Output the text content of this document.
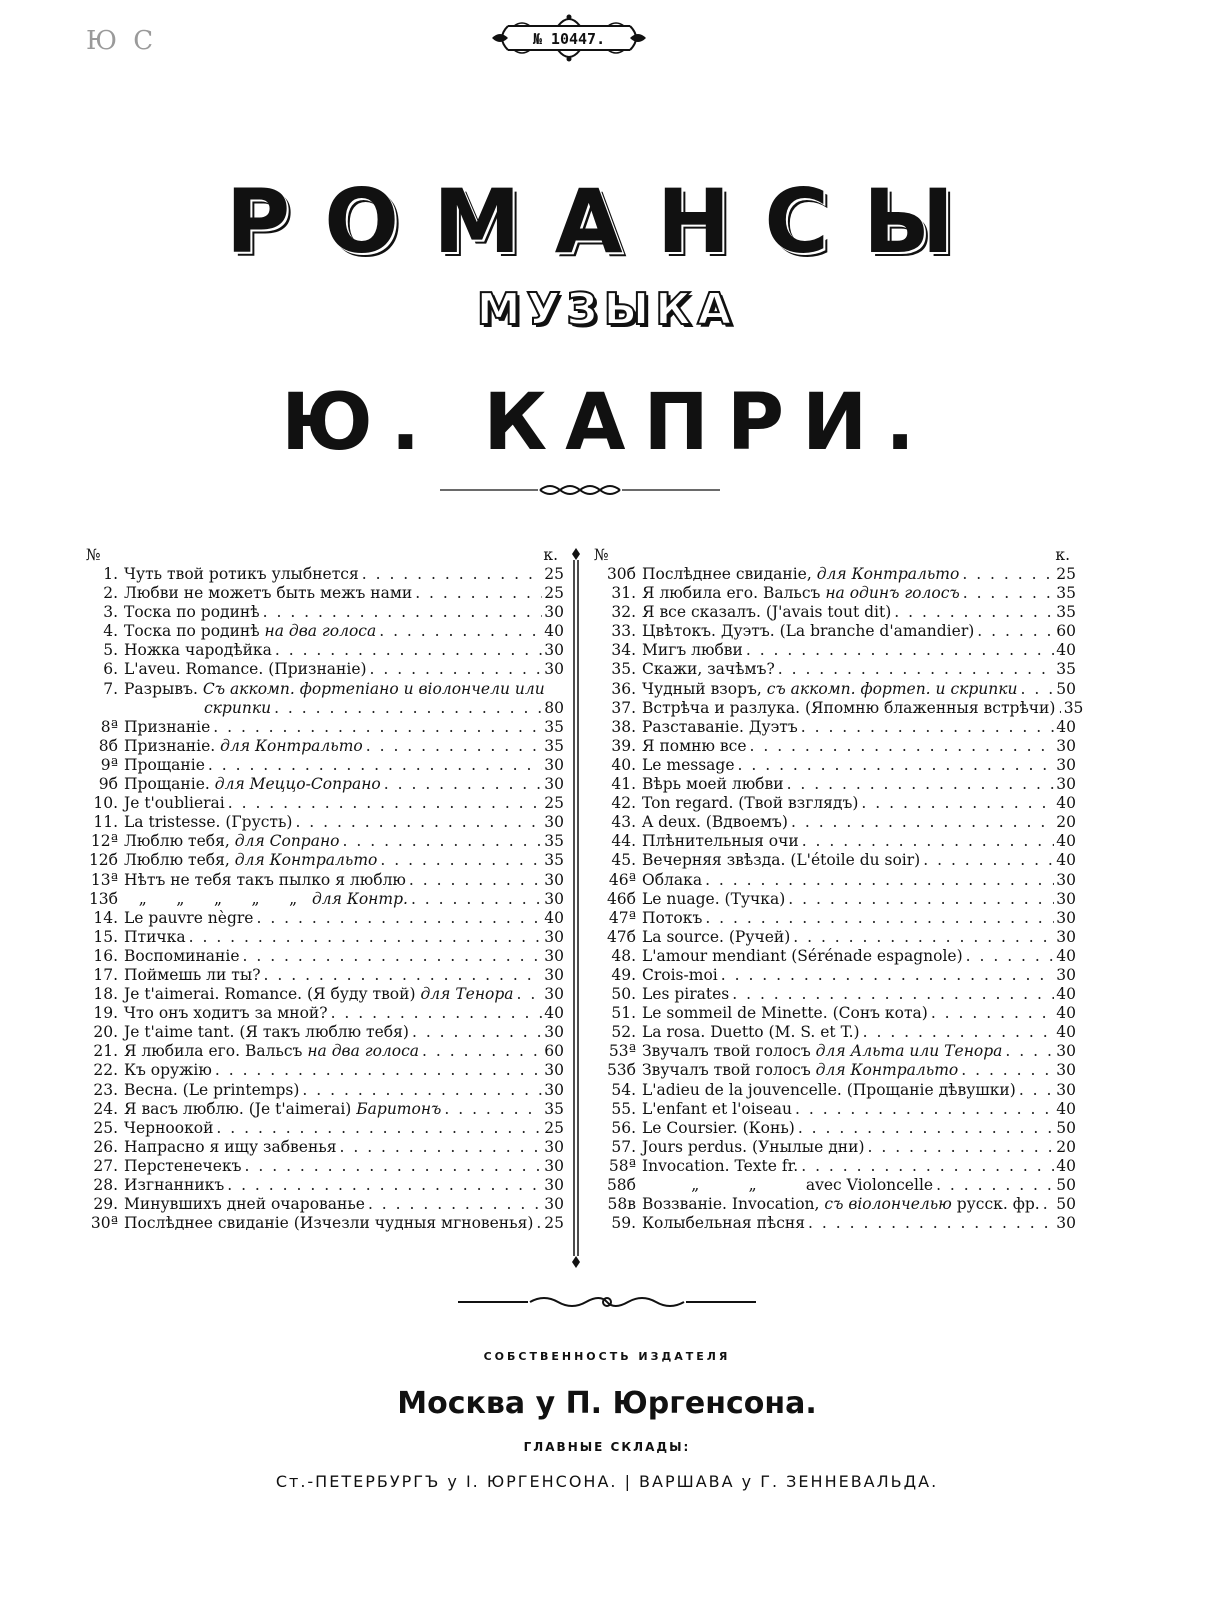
Ю C	№ 10447.
РОМАНСЫ
МУЗЫКА
Ю. КАПРИ.
№	к.
1. Чуть твой ротикъ улыбнется . . .	25
2. Любви не можетъ быть межъ нами . . .	25
3. Тоска по родинѣ . . .	30
4. Тоска по родинѣ на два голоса . . .	40
5. Ножка чародѣйка . . .	30
6. L'aveu. Romance. (Признаніе) . . .	30
7. Разрывъ. Съ аккомп. фортепiано и віолончели или
скрипки . . .	80
8ª Признаніе . . .	35
8б Признаніе. для Контральто . . .	35
9ª Прощаніе . . .	30
9б Прощаніе. для Меццо-Сопрано . . .	30
10. Je t'oublierai . . .	25
11. La tristesse. (Грусть) . . .	30
12ª Люблю тебя, для Сопрано . . .	35
12б Люблю тебя, для Контральто . . .	35
13ª Нѣтъ не тебя такъ пылко я люблю . . .	30
13б „      „      „      „      „   для Контр. . . .	30
14. Le pauvre nègre . . .	40
15. Птичка . . .	30
16. Воспоминаніе . . .	30
17. Поймешь ли ты? . . .	30
18. Je t'aimerai. Romance. (Я буду твой) для Тенора . . . 30
19. Что онъ ходитъ за мной? . . .	40
20. Je t'aime tant. (Я такъ люблю тебя) . . .	30
21. Я любила его. Вальсъ на два голоса . . .	60
22. Къ оружію . . .	30
23. Весна. (Le printemps) . . .	30
24. Я васъ люблю. (Je t'aimerai) Баритонъ . . .	35
25. Черноокой . . .	25
26. Напрасно я ищу забвенья . . .	30
27. Перстенечекъ . . .	30
28. Изгнанникъ . . .	30
29. Минувшихъ дней очарованье . . .	30
30ª Послѣднее свиданіе (Изчезли чудныя мгновенья) . . . 25
№	к.
30б Послѣднее свиданіе, для Контральто . . .	25
31. Я любила его. Вальсъ на одинъ голосъ . . .	35
32. Я все сказалъ. (J'avais tout dit) . . .	35
33. Цвѣтокъ. Дуэтъ. (La branche d'amandier) . . .	60
34. Мигъ любви . . .	40
35. Скажи, зачѣмъ? . . .	35
36. Чудный взоръ, съ аккомп. фортеп. и скрипки . . .	50
37. Встрѣча и разлука. (Япомню блаженныя встрѣчи) . . . 35
38. Разставаніе. Дуэтъ . . .	40
39. Я помню все . . .	30
40. Le message . . .	30
41. Вѣрь моей любви . . .	30
42. Ton regard. (Твой взглядъ) . . .	40
43. A deux. (Вдвоемъ) . . .	20
44. Плѣнительныя очи . . .	40
45. Вечерняя звѣзда. (L'étoile du soir) . . .	40
46ª Облака . . .	30
46б Le nuage. (Тучка) . . .	30
47ª Потокъ . . .	30
47б La source. (Ручей) . . .	30
48. L'amour mendiant (Sérénade espagnole) . . .	40
49. Crois-moi . . .	30
50. Les pirates . . .	40
51. Le sommeil de Minette. (Сонъ кота) . . .	40
52. La rosa. Duetto (M. S. et T.) . . .	40
53ª Звучалъ твой голосъ для Альта или Тенора . . .	30
53б Звучалъ твой голосъ для Контральто . . .	30
54. L'adieu de la jouvencelle. (Прощаніе дѣвушки) . . .	30
55. L'enfant et l'oiseau . . .	40
56. Le Coursier. (Конь) . . .	50
57. Jours perdus. (Унылые дни) . . .	20
58ª Invocation. Texte fr. . . .	40
58б „          „          avec Violoncelle . . .	50
58в Воззваніе. Invocation, съ віолончелью русск. фр. . . . 50
59. Колыбельная пѣсня . . .	30
СОБСТВЕННОСТЬ ИЗДАТЕЛЯ
Москва у П. Юргенсона.
ГЛАВНЫЕ СКЛАДЫ:
Ст.-ПЕТЕРБУРГЪ у I. ЮРГЕНСОНА. | ВАРШАВА у Г. ЗЕННЕВАЛЬДА.
